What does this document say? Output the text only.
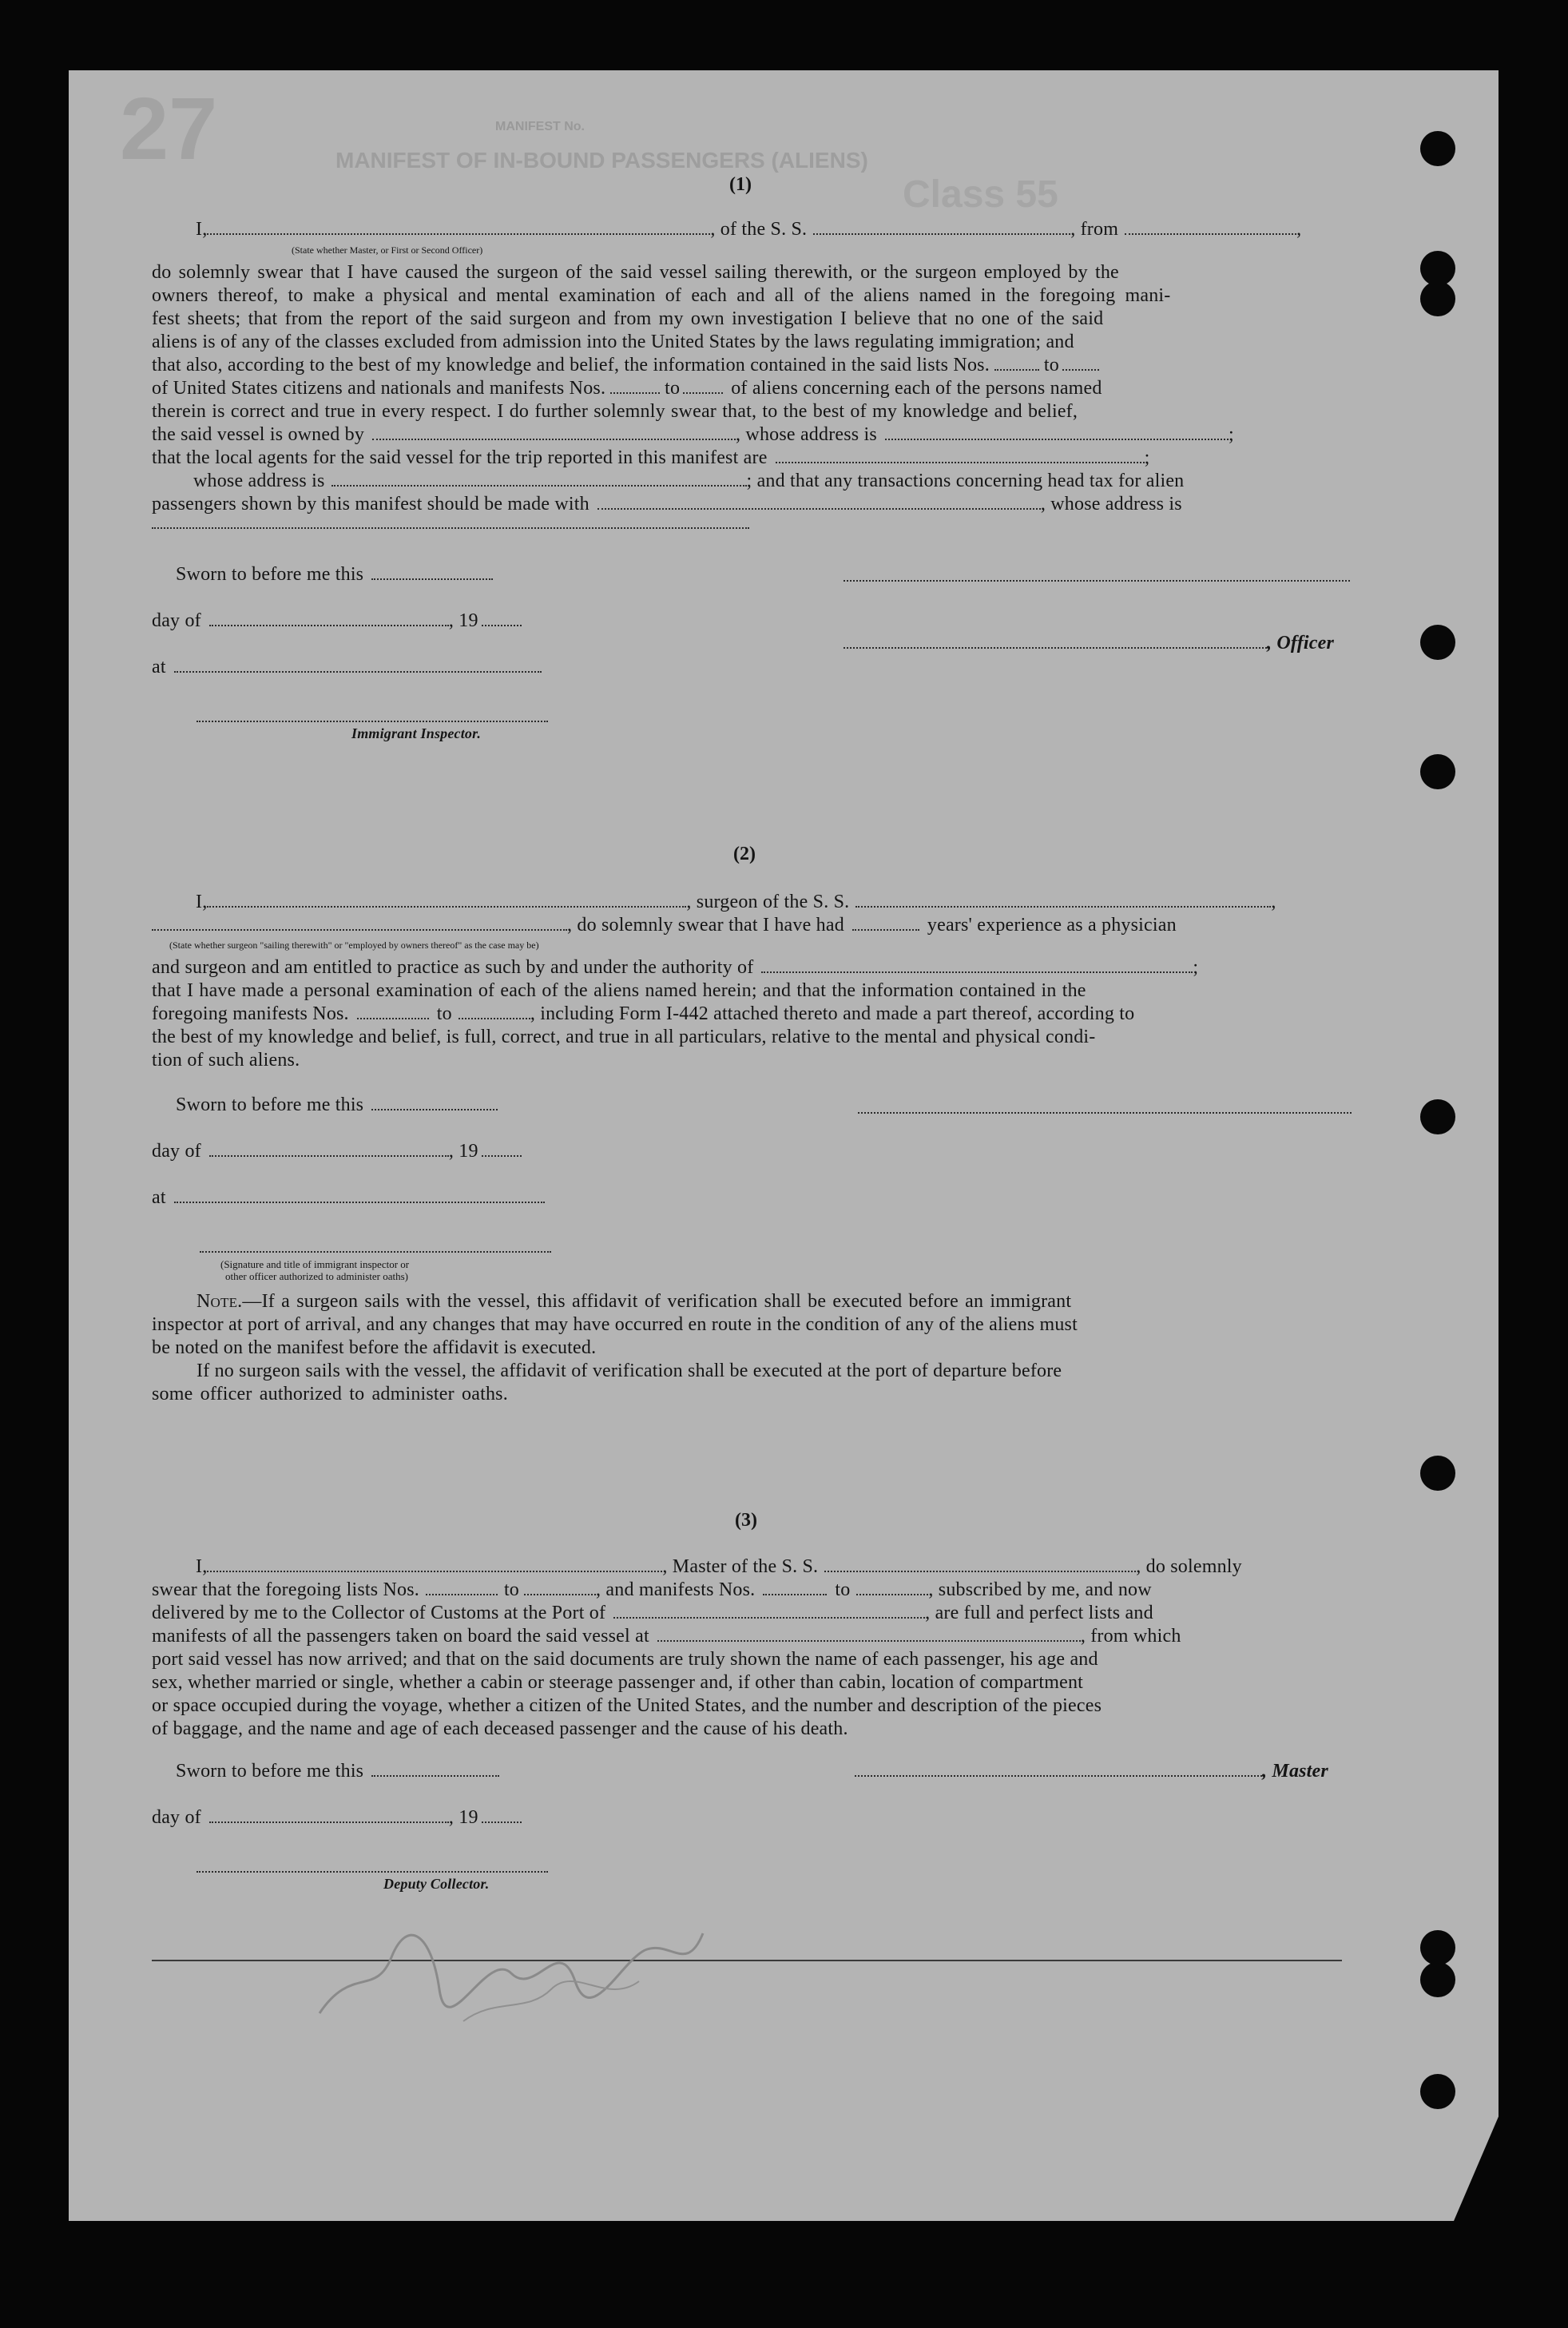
27	MANIFEST No.
MANIFEST OF IN-BOUND PASSENGERS (ALIENS)
Class 55
(1)
I,	, of the S. S.	, from	,
(State whether Master, or First or Second Officer)
do solemnly swear that I have caused the surgeon of the said vessel sailing therewith, or the surgeon employed by the
owners thereof, to make a physical and mental examination of each and all of the aliens named in the foregoing mani-
fest sheets; that from the report of the said surgeon and from my own investigation I believe that no one of the said
aliens is of any of the classes excluded from admission into the United States by the laws regulating immigration; and
that also, according to the best of my knowledge and belief, the information contained in the said lists Nos.	to
of United States citizens and nationals and manifests Nos.	to	of aliens concerning each of the persons named
therein is correct and true in every respect. I do further solemnly swear that, to the best of my knowledge and belief,
the said vessel is owned by	, whose address is	;
that the local agents for the said vessel for the trip reported in this manifest are	;
whose address is	; and that any transactions concerning head tax for alien
passengers shown by this manifest should be made with	, whose address is
Sworn to before me this
day of	, 19
, Officer
at
Immigrant Inspector.
(2)
I,	, surgeon of the S. S.	,
, do solemnly swear that I have had	years' experience as a physician
(State whether surgeon "sailing therewith" or "employed by owners thereof" as the case may be)
and surgeon and am entitled to practice as such by and under the authority of	;
that I have made a personal examination of each of the aliens named herein; and that the information contained in the
foregoing manifests Nos.	to	, including Form I-442 attached thereto and made a part thereof, according to
the best of my knowledge and belief, is full, correct, and true in all particulars, relative to the mental and physical condi-
tion of such aliens.
Sworn to before me this
day of	, 19
at
(Signature and title of immigrant inspector or
other officer authorized to administer oaths)
Note.—If a surgeon sails with the vessel, this affidavit of verification shall be executed before an immigrant
inspector at port of arrival, and any changes that may have occurred en route in the condition of any of the aliens must
be noted on the manifest before the affidavit is executed.
If no surgeon sails with the vessel, the affidavit of verification shall be executed at the port of departure before
some officer authorized to administer oaths.
(3)
I,	, Master of the S. S.	, do solemnly
swear that the foregoing lists Nos.	to	, and manifests Nos.	to	, subscribed by me, and now
delivered by me to the Collector of Customs at the Port of	, are full and perfect lists and
manifests of all the passengers taken on board the said vessel at	, from which
port said vessel has now arrived; and that on the said documents are truly shown the name of each passenger, his age and
sex, whether married or single, whether a cabin or steerage passenger and, if other than cabin, location of compartment
or space occupied during the voyage, whether a citizen of the United States, and the number and description of the pieces
of baggage, and the name and age of each deceased passenger and the cause of his death.
Sworn to before me this	, Master
day of	, 19
Deputy Collector.
